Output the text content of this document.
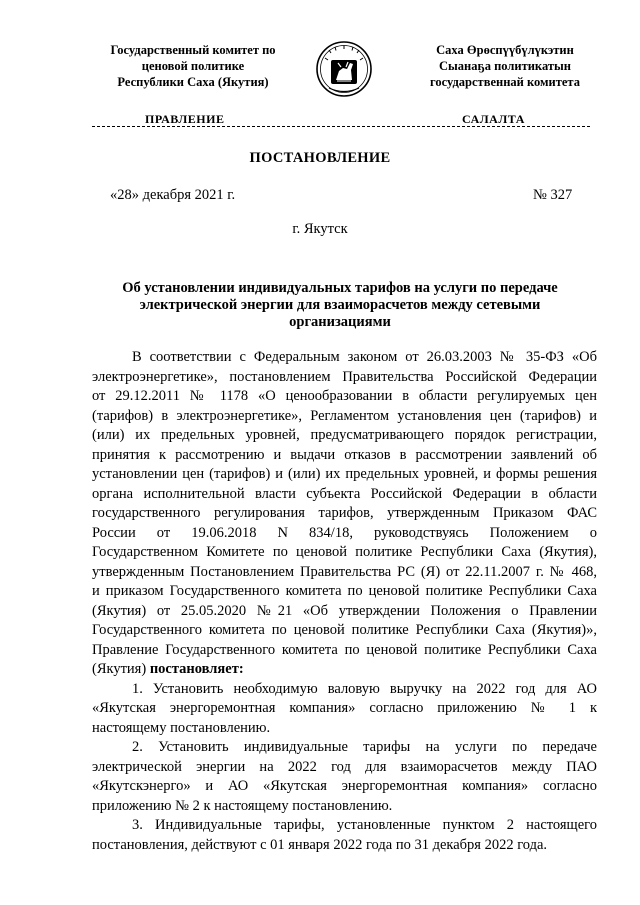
Государственный комитет по
ценовой политике
Республики Саха (Якутия)
Саха Өрөспүүбүлүкэтин
Сыанаҕа политикатын
государственнай комитета
ПРАВЛЕНИЕ	САЛАЛТА
ПОСТАНОВЛЕНИЕ
«28» декабря 2021 г.	№ 327
г. Якутск
Об установлении индивидуальных тарифов на услуги по передаче
электрической энергии для взаиморасчетов между сетевыми
организациями
В соответствии с Федеральным законом от 26.03.2003 № 35-ФЗ «Об
электроэнергетике», постановлением Правительства Российской Федерации
от 29.12.2011 № 1178 «О ценообразовании в области регулируемых цен
(тарифов) в электроэнергетике», Регламентом установления цен (тарифов) и
(или) их предельных уровней, предусматривающего порядок регистрации,
принятия к рассмотрению и выдачи отказов в рассмотрении заявлений об
установлении цен (тарифов) и (или) их предельных уровней, и формы решения
органа исполнительной власти субъекта Российской Федерации в области
государственного регулирования тарифов, утвержденным Приказом ФАС
России от 19.06.2018 N 834/18, руководствуясь Положением о
Государственном Комитете по ценовой политике Республики Саха (Якутия),
утвержденным Постановлением Правительства РС (Я) от 22.11.2007 г. № 468,
и приказом Государственного комитета по ценовой политике Республики Саха
(Якутия) от 25.05.2020 №21 «Об утверждении Положения о Правлении
Государственного комитета по ценовой политике Республики Саха (Якутия)»,
Правление Государственного комитета по ценовой политике Республики Саха
(Якутия) постановляет:
1. Установить необходимую валовую выручку на 2022 год для АО
«Якутская энергоремонтная компания» согласно приложению № 1 к
настоящему постановлению.
2. Установить индивидуальные тарифы на услуги по передаче
электрической энергии на 2022 год для взаиморасчетов между ПАО
«Якутскэнерго» и АО «Якутская энергоремонтная компания» согласно
приложению № 2 к настоящему постановлению.
3. Индивидуальные тарифы, установленные пунктом 2 настоящего
постановления, действуют с 01 января 2022 года по 31 декабря 2022 года.
